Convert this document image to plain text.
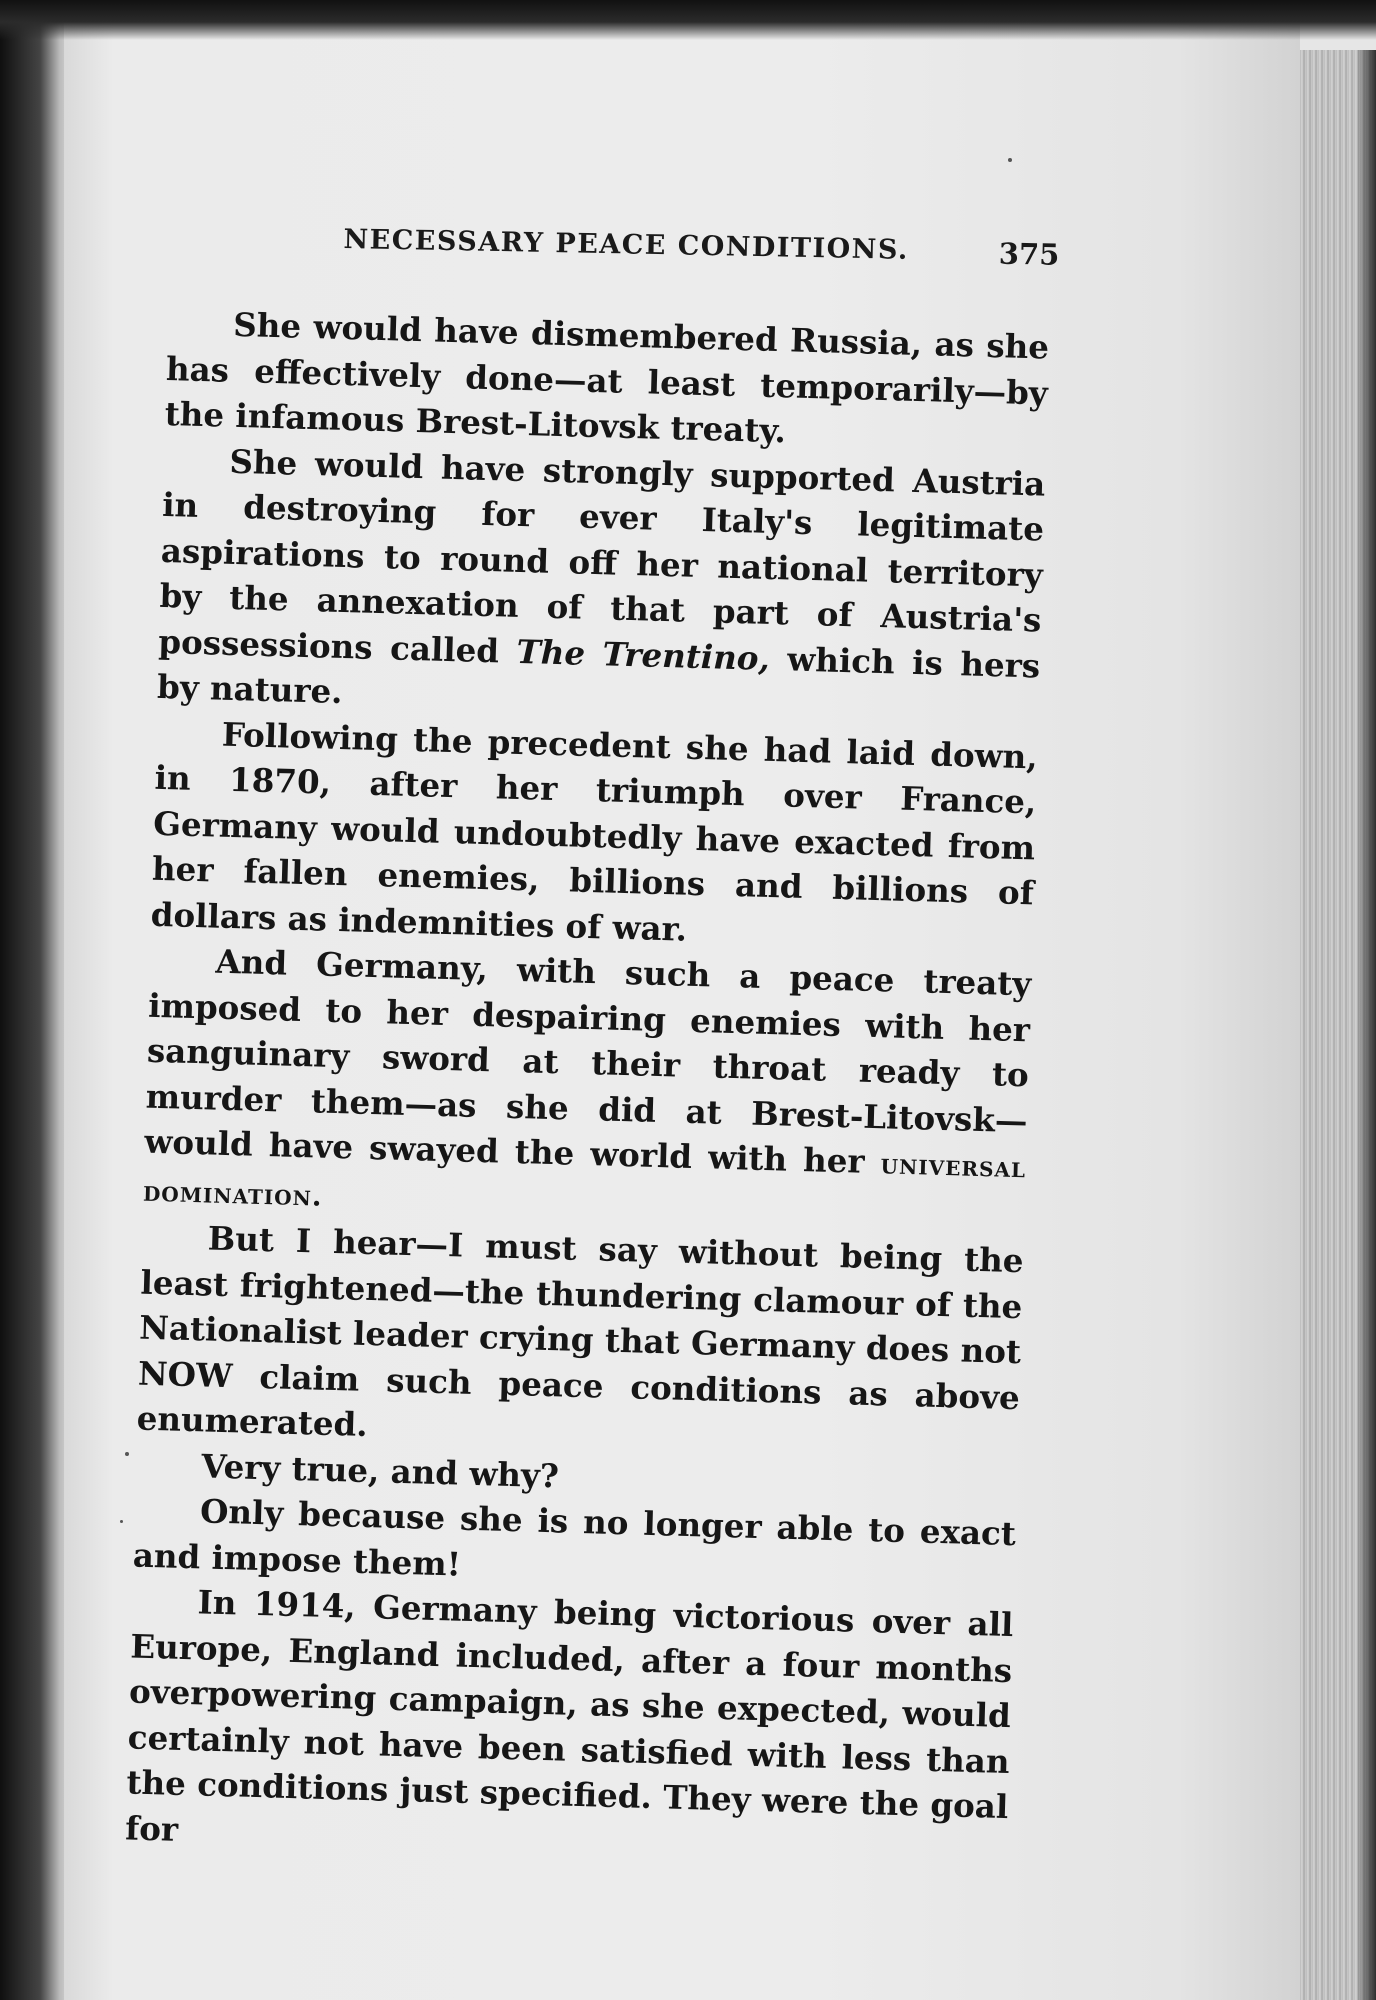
NECESSARY PEACE CONDITIONS.	375

She would have dismembered Russia, as she has effectively done—at least temporarily—by the infamous Brest-Litovsk treaty.

She would have strongly supported Austria in destroying for ever Italy's legitimate aspirations to round off her national territory by the annexation of that part of Austria's possessions called The Trentino, which is hers by nature.

Following the precedent she had laid down, in 1870, after her triumph over France, Germany would undoubtedly have exacted from her fallen enemies, billions and billions of dollars as indemnities of war.

And Germany, with such a peace treaty imposed to her despairing enemies with her sanguinary sword at their throat ready to murder them—as she did at Brest-Litovsk—would have swayed the world with her universal domination.

But I hear—I must say without being the least frightened—the thundering clamour of the Nationalist leader crying that Germany does not NOW claim such peace conditions as above enumerated.

Very true, and why?

Only because she is no longer able to exact and impose them!

In 1914, Germany being victorious over all Europe, England included, after a four months overpowering campaign, as she expected, would certainly not have been satisfied with less than the conditions just specified. They were the goal for
